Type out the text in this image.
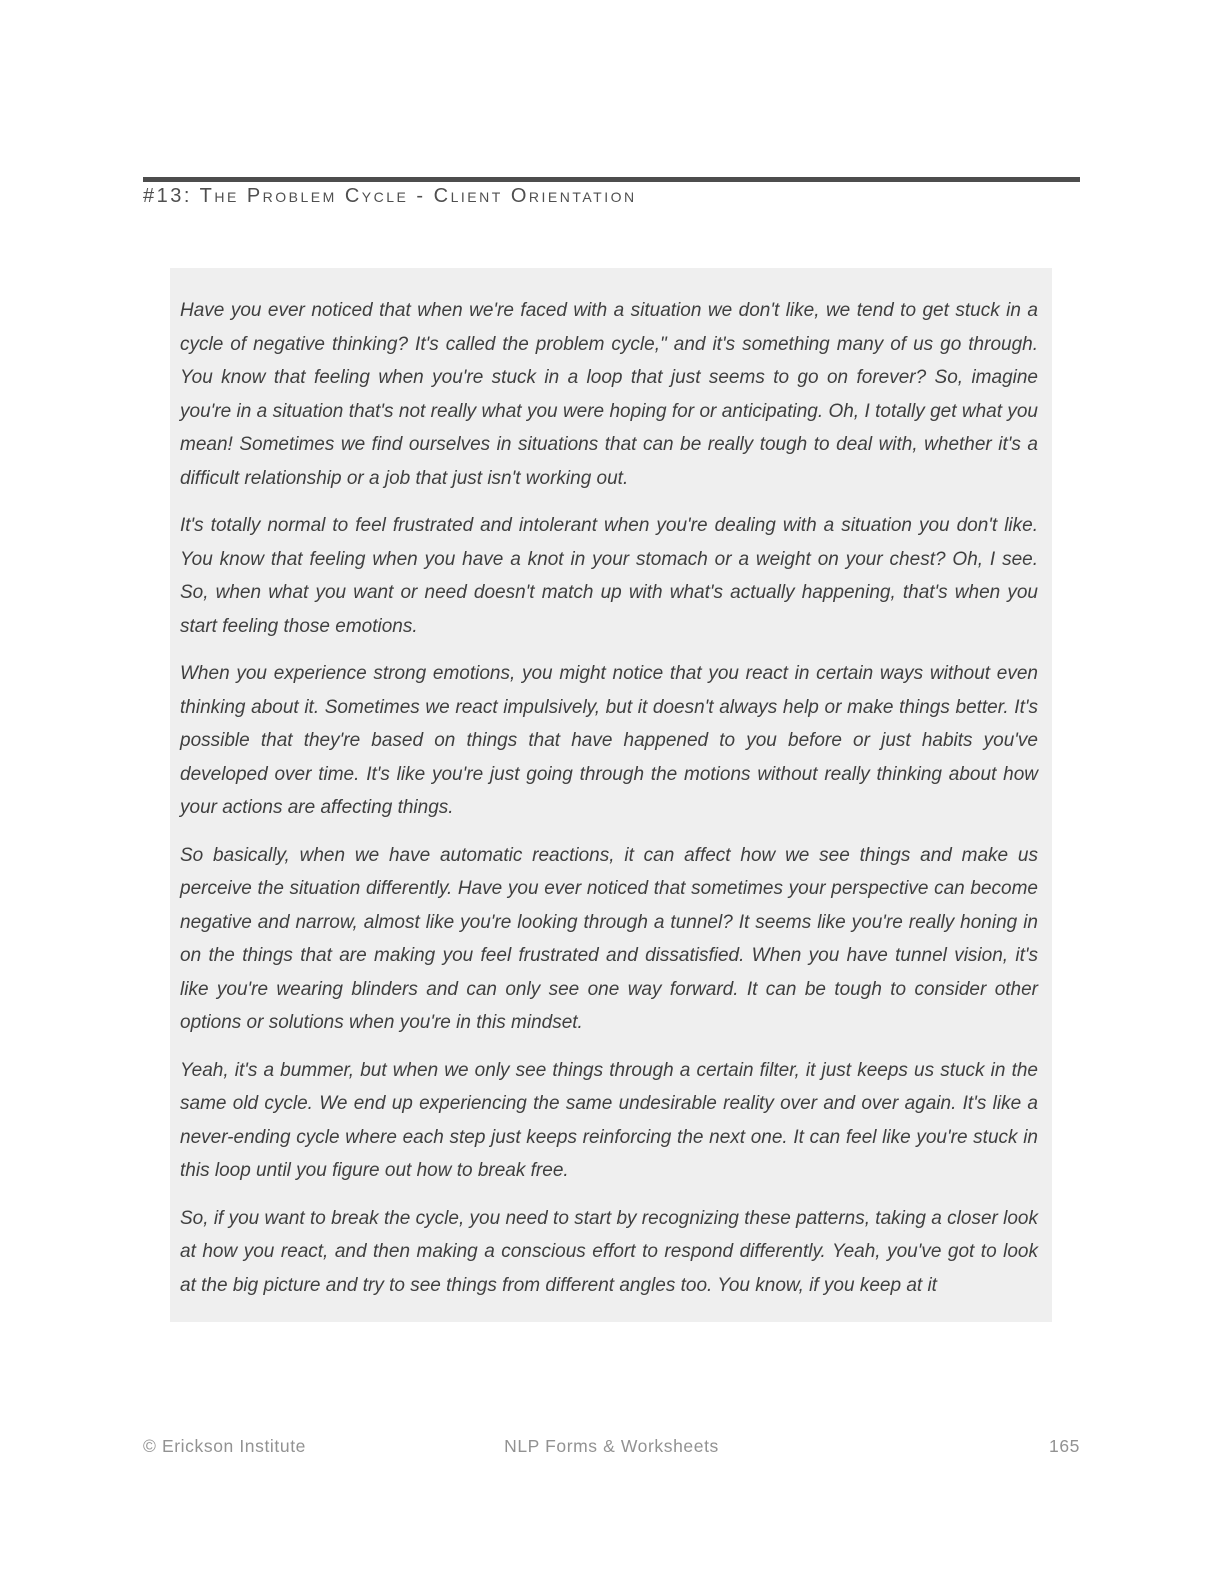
#13: The Problem Cycle - Client Orientation

Have you ever noticed that when we're faced with a situation we don't like, we tend to get stuck in a cycle of negative thinking? It's called the problem cycle," and it's something many of us go through. You know that feeling when you're stuck in a loop that just seems to go on forever? So, imagine you're in a situation that's not really what you were hoping for or anticipating. Oh, I totally get what you mean! Sometimes we find ourselves in situations that can be really tough to deal with, whether it's a difficult relationship or a job that just isn't working out.

It's totally normal to feel frustrated and intolerant when you're dealing with a situation you don't like. You know that feeling when you have a knot in your stomach or a weight on your chest? Oh, I see. So, when what you want or need doesn't match up with what's actually happening, that's when you start feeling those emotions.

When you experience strong emotions, you might notice that you react in certain ways without even thinking about it. Sometimes we react impulsively, but it doesn't always help or make things better. It's possible that they're based on things that have happened to you before or just habits you've developed over time. It's like you're just going through the motions without really thinking about how your actions are affecting things.

So basically, when we have automatic reactions, it can affect how we see things and make us perceive the situation differently. Have you ever noticed that sometimes your perspective can become negative and narrow, almost like you're looking through a tunnel? It seems like you're really honing in on the things that are making you feel frustrated and dissatisfied. When you have tunnel vision, it's like you're wearing blinders and can only see one way forward. It can be tough to consider other options or solutions when you're in this mindset.

Yeah, it's a bummer, but when we only see things through a certain filter, it just keeps us stuck in the same old cycle. We end up experiencing the same undesirable reality over and over again. It's like a never-ending cycle where each step just keeps reinforcing the next one. It can feel like you're stuck in this loop until you figure out how to break free.

So, if you want to break the cycle, you need to start by recognizing these patterns, taking a closer look at how you react, and then making a conscious effort to respond differently. Yeah, you've got to look at the big picture and try to see things from different angles too. You know, if you keep at it

© Erickson Institute	NLP Forms & Worksheets	165
